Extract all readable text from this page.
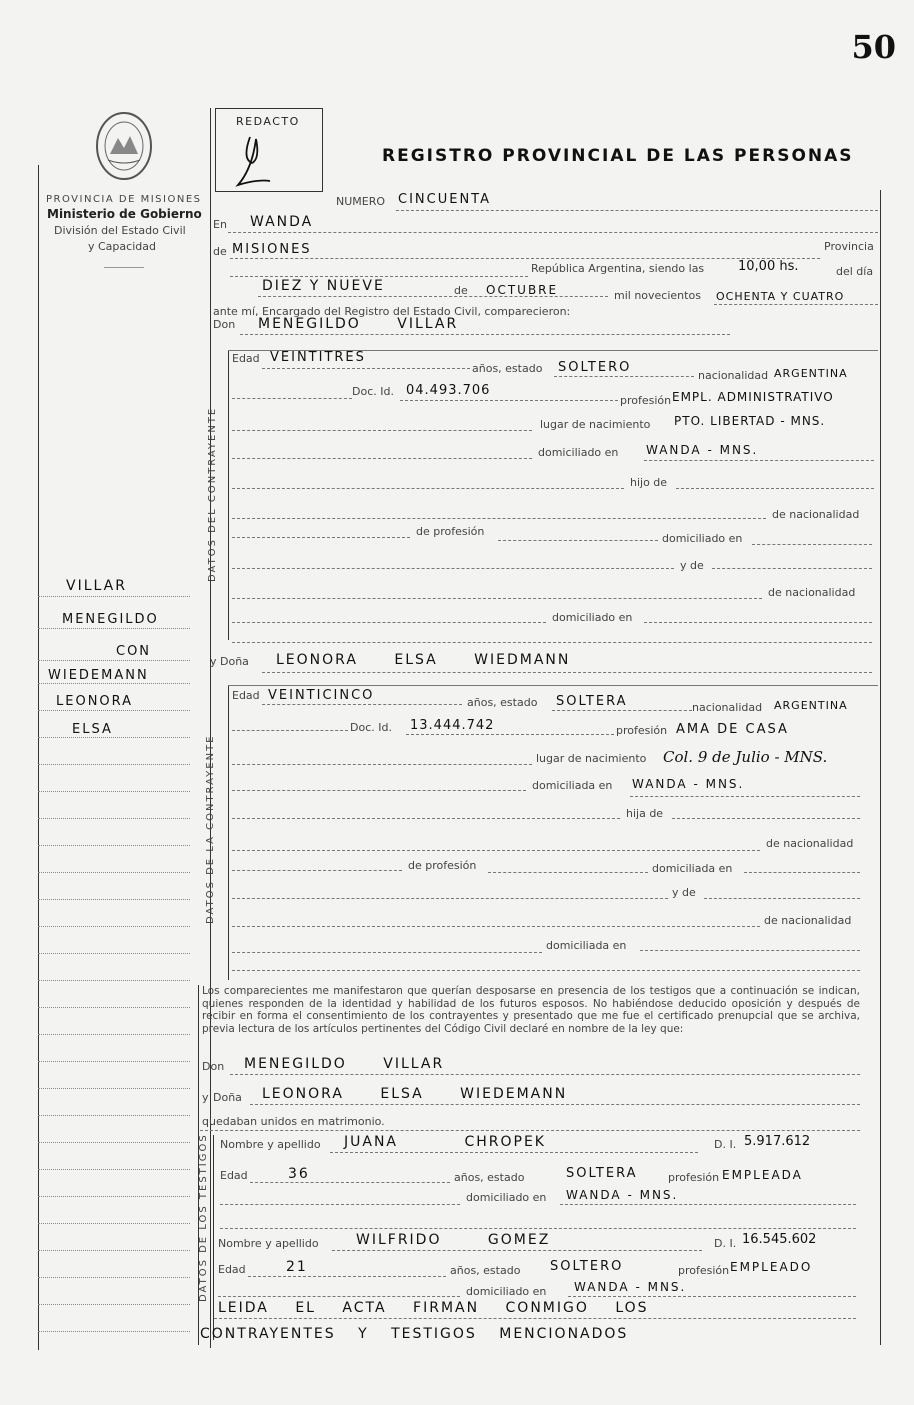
50
PROVINCIA DE MISIONES
Ministerio de Gobierno
División del Estado Civil
y Capacidad
REDACTO
REGISTRO PROVINCIAL DE LAS PERSONAS
NUMERO CINCUENTA
En WANDA
de MISIONES	Provincia
República Argentina, siendo las	10,00 hs.	del día
DIEZ Y NUEVE	de OCTUBRE	mil novecientos OCHENTA Y CUATRO
ante mí, Encargado del Registro del Estado Civil, comparecieron:
Don MENEGILDO VILLAR
DATOS DEL CONTRAYENTE
Edad VEINTITRES
años, estado SOLTERO
nacionalidad ARGENTINA
Doc. Id. 04.493.706
profesión EMPL. ADMINISTRATIVO
lugar de nacimiento PTO. LIBERTAD - MNS.
domiciliado en WANDA - MNS.
hijo de
de nacionalidad
de profesión
domiciliado en
y de
de nacionalidad
domiciliado en
y Doña LEONORA ELSA WIEDMANN
DATOS DE LA CONTRAYENTE
Edad VEINTICINCO	años, estado SOLTERA	nacionalidad ARGENTINA
Doc. Id. 13.444.742	profesión AMA DE CASA
lugar de nacimiento Col. 9 de Julio - MNS.
domiciliada en WANDA - MNS.
hija de
de nacionalidad
de profesión	domiciliada en
y de
de nacionalidad
domiciliada en
Los comparecientes me manifestaron que querían desposarse en presencia de los testigos que a continuación se indican, quienes responden de la identidad y habilidad de los futuros esposos. No habiéndose deducido oposición y después de recibir en forma el consentimiento de los contrayentes y presentado que me fue el certificado prenupcial que se archiva, previa lectura de los artículos pertinentes del Código Civil declaré en nombre de la ley que:
Don MENEGILDO VILLAR
y Doña LEONORA ELSA WIEDEMANN
quedaban unidos en matrimonio.
DATOS DE LOS TESTIGOS Nombre y apellido JUANA CHROPEK	D. I. 5.917.612
Edad	36	años, estado	SOLTERA	profesión EMPLEADA
domiciliado en WANDA - MNS.
Nombre y apellido	WILFRIDO GOMEZ	D. I. 16.545.602
Edad	21	años, estado SOLTERO	profesión EMPLEADO
domiciliado en WANDA - MNS.
LEIDA EL ACTA FIRMAN CONMIGO LOS
CONTRAYENTES Y TESTIGOS MENCIONADOS
VILLAR
MENEGILDO
CON
WIEDEMANN
LEONORA
ELSA
